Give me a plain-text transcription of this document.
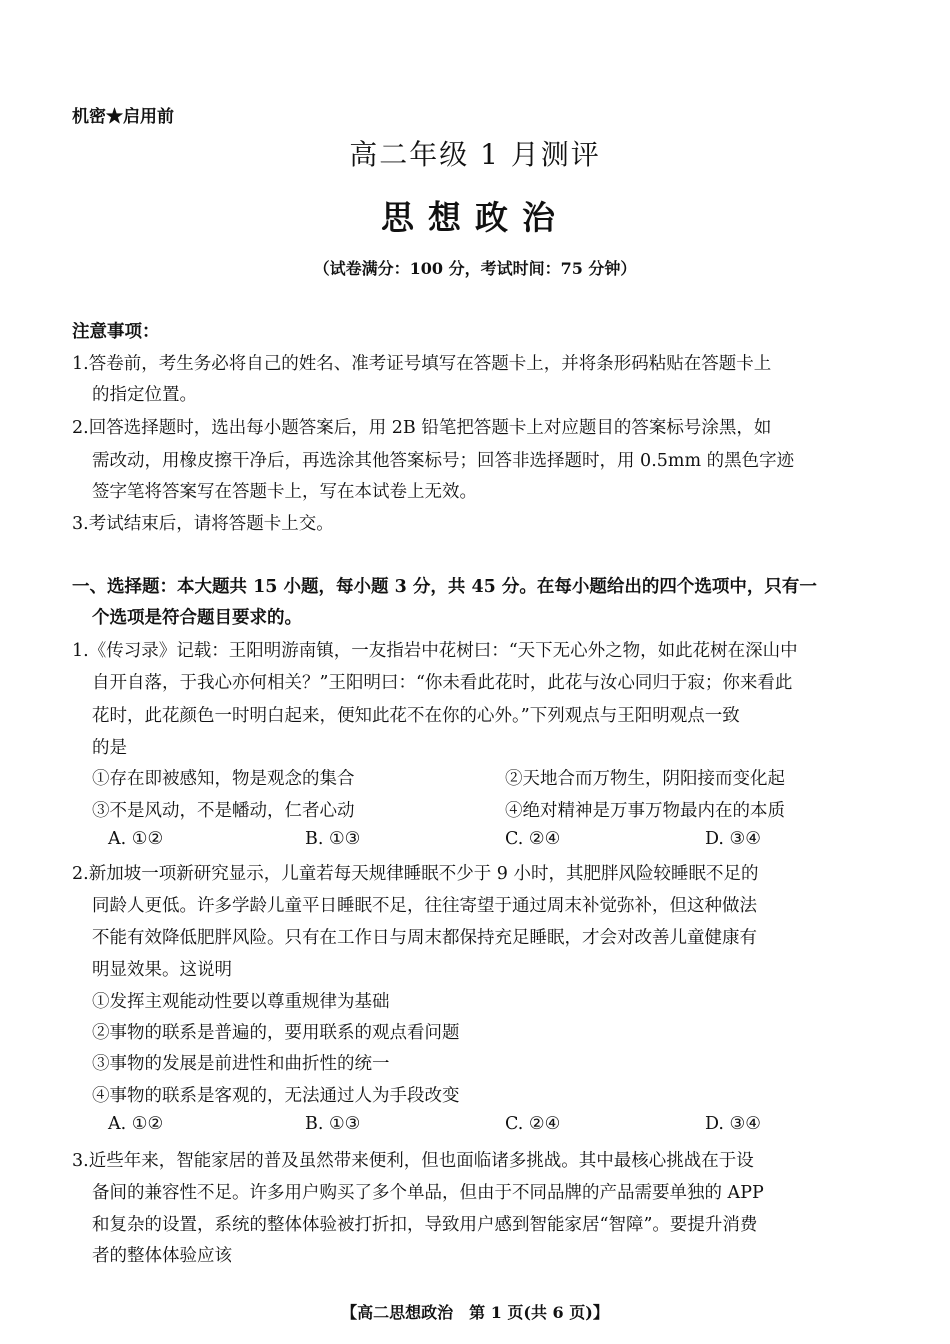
机密★启用前
高二年级 1 月测评
思想政治
（试卷满分：100 分，考试时间：75 分钟）
注意事项：
1.答卷前，考生务必将自己的姓名、准考证号填写在答题卡上，并将条形码粘贴在答题卡上
的指定位置。
2.回答选择题时，选出每小题答案后，用 2B 铅笔把答题卡上对应题目的答案标号涂黑，如
需改动，用橡皮擦干净后，再选涂其他答案标号；回答非选择题时，用 0.5mm 的黑色字迹
签字笔将答案写在答题卡上，写在本试卷上无效。
3.考试结束后，请将答题卡上交。
一、选择题：本大题共 15 小题，每小题 3 分，共 45 分。在每小题给出的四个选项中，只有一
个选项是符合题目要求的。
1.《传习录》记载：王阳明游南镇，一友指岩中花树曰：“天下无心外之物，如此花树在深山中
自开自落，于我心亦何相关？”王阳明曰：“你未看此花时，此花与汝心同归于寂；你来看此
花时，此花颜色一时明白起来，便知此花不在你的心外。”下列观点与王阳明观点一致
的是
①存在即被感知，物是观念的集合	②天地合而万物生，阴阳接而变化起
③不是风动，不是幡动，仁者心动	④绝对精神是万事万物最内在的本质
A. ①②	B. ①③	C. ②④	D. ③④
2.新加坡一项新研究显示，儿童若每天规律睡眠不少于 9 小时，其肥胖风险较睡眠不足的
同龄人更低。许多学龄儿童平日睡眠不足，往往寄望于通过周末补觉弥补，但这种做法
不能有效降低肥胖风险。只有在工作日与周末都保持充足睡眠，才会对改善儿童健康有
明显效果。这说明
①发挥主观能动性要以尊重规律为基础
②事物的联系是普遍的，要用联系的观点看问题
③事物的发展是前进性和曲折性的统一
④事物的联系是客观的，无法通过人为手段改变
A. ①②	B. ①③	C. ②④	D. ③④
3.近些年来，智能家居的普及虽然带来便利，但也面临诸多挑战。其中最核心挑战在于设
备间的兼容性不足。许多用户购买了多个单品，但由于不同品牌的产品需要单独的 APP
和复杂的设置，系统的整体体验被打折扣，导致用户感到智能家居“智障”。要提升消费
者的整体体验应该
【高二思想政治　第 1 页(共 6 页)】
